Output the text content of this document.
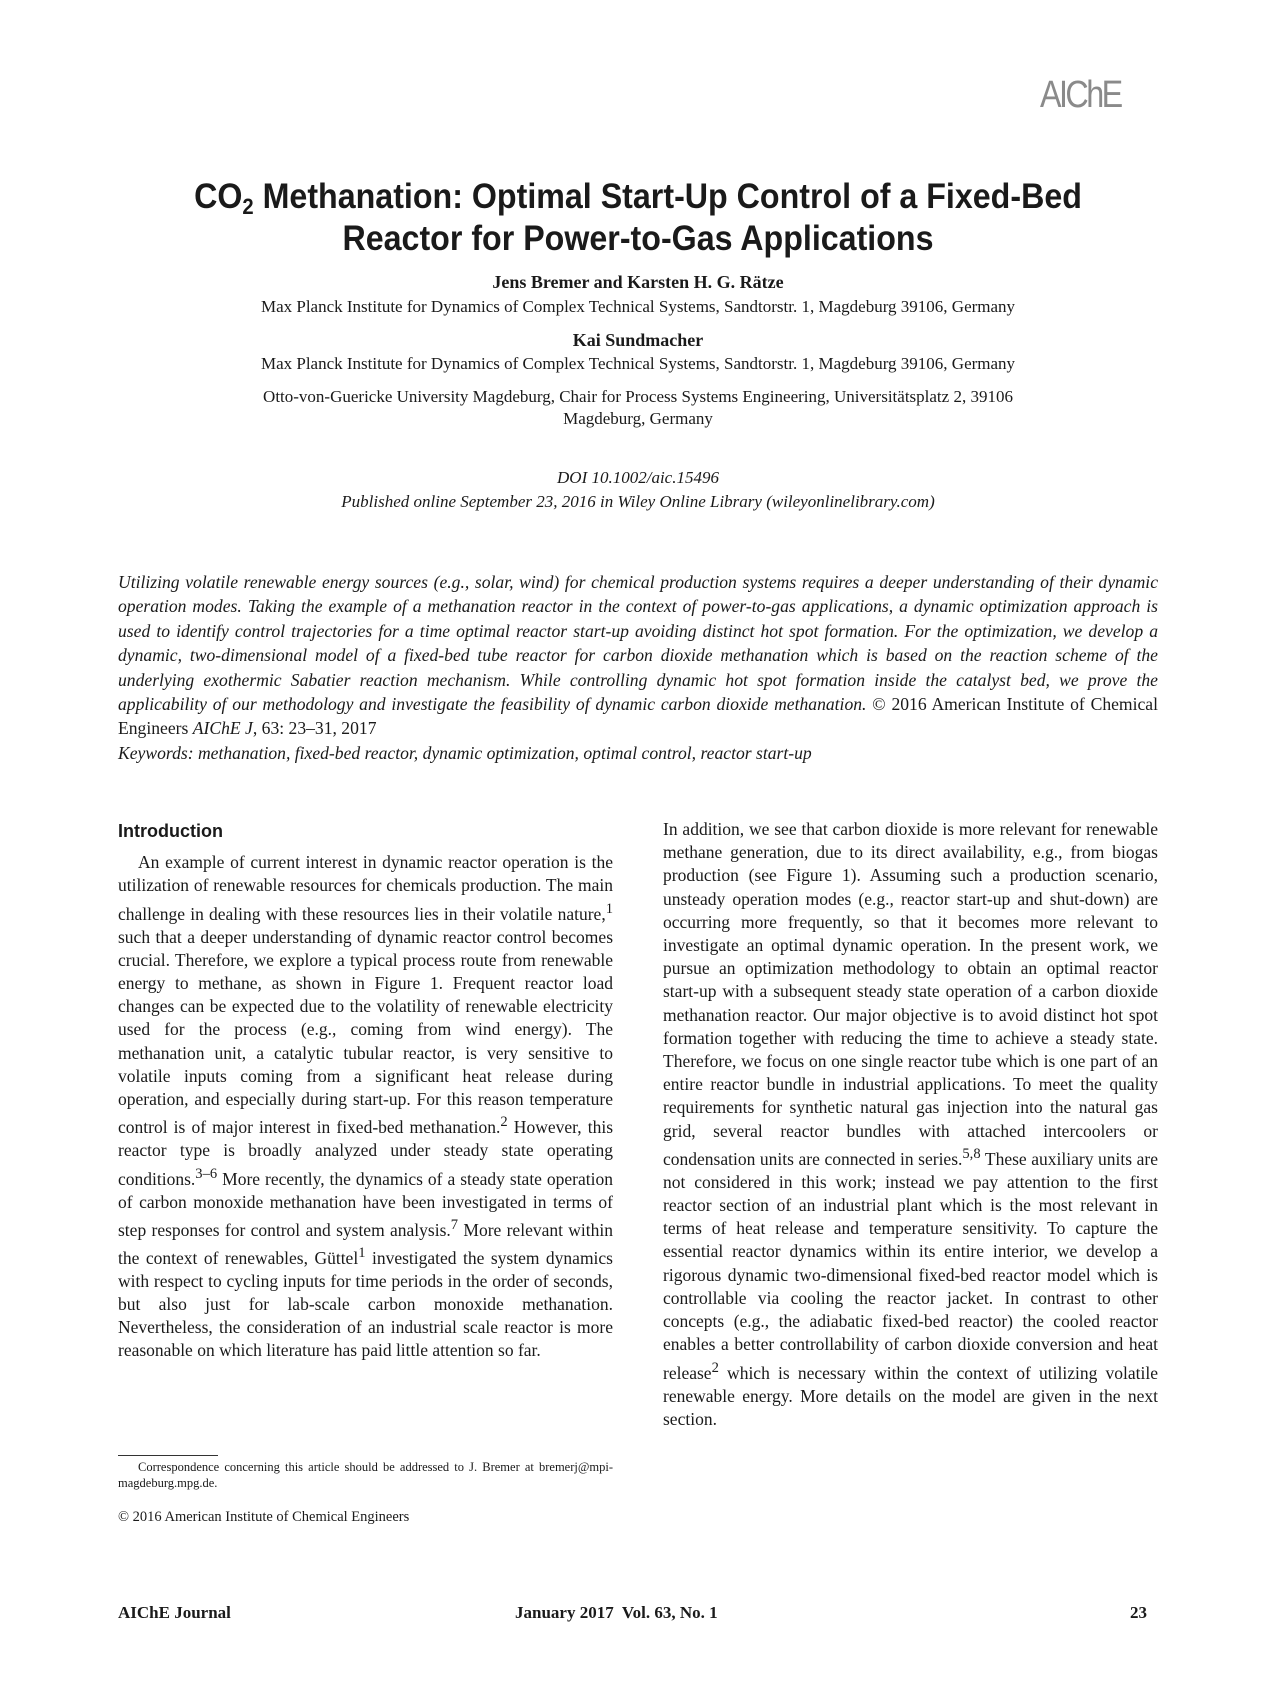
AIChE
$CO_2$ Methanation: Optimal Start-Up Control of a Fixed-Bed
Reactor for Power-to-Gas Applications
Jens Bremer and Karsten H. G. Rätze
Max Planck Institute for Dynamics of Complex Technical Systems, Sandtorstr. 1, Magdeburg 39106, Germany
Kai Sundmacher
Max Planck Institute for Dynamics of Complex Technical Systems, Sandtorstr. 1, Magdeburg 39106, Germany
Otto-von-Guericke University Magdeburg, Chair for Process Systems Engineering, Universitätsplatz 2, 39106
Magdeburg, Germany
DOI 10.1002/aic.15496
Published online September 23, 2016 in Wiley Online Library (wileyonlinelibrary.com)
Utilizing volatile renewable energy sources (e.g., solar, wind) for chemical production systems requires a deeper understanding of their dynamic operation modes. Taking the example of a methanation reactor in the context of power-to-gas applications, a dynamic optimization approach is used to identify control trajectories for a time optimal reactor start-up avoiding distinct hot spot formation. For the optimization, we develop a dynamic, two-dimensional model of a fixed-bed tube reactor for carbon dioxide methanation which is based on the reaction scheme of the underlying exothermic Sabatier reaction mechanism. While controlling dynamic hot spot formation inside the catalyst bed, we prove the applicability of our methodology and investigate the feasibility of dynamic carbon dioxide methanation. © 2016 American Institute of Chemical Engineers AIChE J, 63: 23–31, 2017
Keywords: methanation, fixed-bed reactor, dynamic optimization, optimal control, reactor start-up
Introduction

An example of current interest in dynamic reactor operation is the utilization of renewable resources for chemicals production. The main challenge in dealing with these resources lies in their volatile nature,$^1$ such that a deeper understanding of dynamic reactor control becomes crucial. Therefore, we explore a typical process route from renewable energy to methane, as shown in Figure 1. Frequent reactor load changes can be expected due to the volatility of renewable electricity used for the process (e.g., coming from wind energy). The methanation unit, a catalytic tubular reactor, is very sensitive to volatile inputs coming from a significant heat release during operation, and especially during start-up. For this reason temperature control is of major interest in fixed-bed methanation.$^2$ However, this reactor type is broadly analyzed under steady state operating conditions.$^{3-6}$ More recently, the dynamics of a steady state operation of carbon monoxide methanation have been investigated in terms of step responses for control and system analysis.$^7$ More relevant within the context of renewables, Güttel$^1$ investigated the system dynamics with respect to cycling inputs for time periods in the order of seconds, but also just for lab-scale carbon monoxide methanation. Nevertheless, the consideration of an industrial scale reactor is more reasonable on which literature has paid little attention so far.

In addition, we see that carbon dioxide is more relevant for renewable methane generation, due to its direct availability, e.g., from biogas production (see Figure 1). Assuming such a production scenario, unsteady operation modes (e.g., reactor start-up and shut-down) are occurring more frequently, so that it becomes more relevant to investigate an optimal dynamic operation. In the present work, we pursue an optimization methodology to obtain an optimal reactor start-up with a subsequent steady state operation of a carbon dioxide methanation reactor. Our major objective is to avoid distinct hot spot formation together with reducing the time to achieve a steady state. Therefore, we focus on one single reactor tube which is one part of an entire reactor bundle in industrial applications. To meet the quality requirements for synthetic natural gas injection into the natural gas grid, several reactor bundles with attached intercoolers or condensation units are connected in series.$^{5,8}$ These auxiliary units are not considered in this work; instead we pay attention to the first reactor section of an industrial plant which is the most relevant in terms of heat release and temperature sensitivity. To capture the essential reactor dynamics within its entire interior, we develop a rigorous dynamic two-dimensional fixed-bed reactor model which is controllable via cooling the reactor jacket. In contrast to other concepts (e.g., the adiabatic fixed-bed reactor) the cooled reactor enables a better controllability of carbon dioxide conversion and heat release$^2$ which is necessary within the context of utilizing volatile renewable energy. More details on the model are given in the next section.

Correspondence concerning this article should be addressed to J. Bremer at bremerj@mpi-magdeburg.mpg.de.
© 2016 American Institute of Chemical Engineers
AIChE Journal	January 2017  Vol. 63, No. 1	23
